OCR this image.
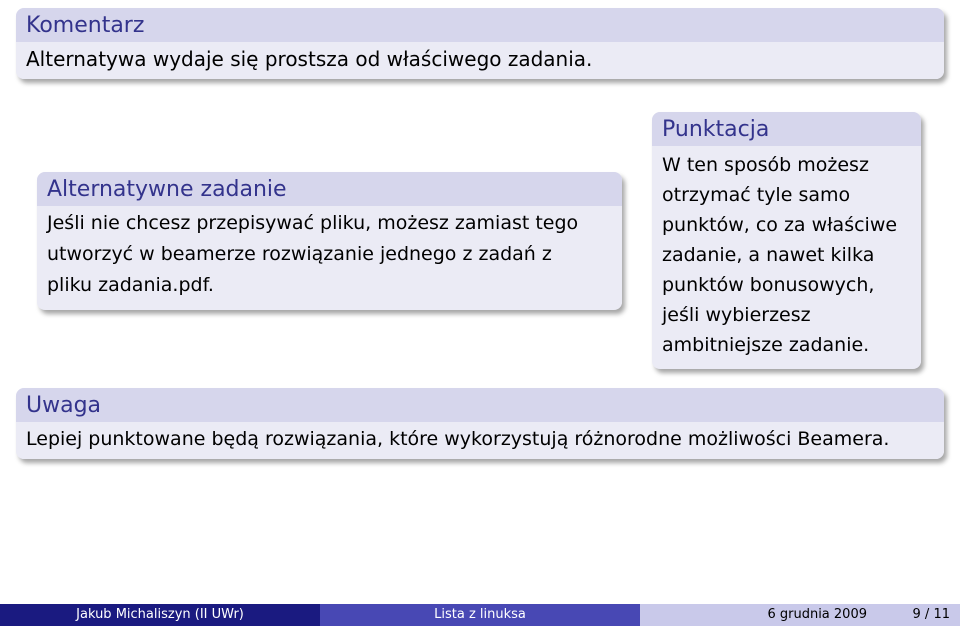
Komentarz
Alternatywa wydaje się prostsza od właściwego zadania.
Alternatywne zadanie
Jeśli nie chcesz przepisywać pliku, możesz zamiast tego
utworzyć w beamerze rozwiązanie jednego z zadań z
pliku zadania.pdf.
Punktacja
W ten sposób możesz
otrzymać tyle samo
punktów, co za właściwe
zadanie, a nawet kilka
punktów bonusowych,
jeśli wybierzesz
ambitniejsze zadanie.
Uwaga
Lepiej punktowane będą rozwiązania, które wykorzystują różnorodne możliwości Beamera.
Jakub Michaliszyn (II UWr)	Lista z linuksa	6 grudnia 2009	9 / 11
